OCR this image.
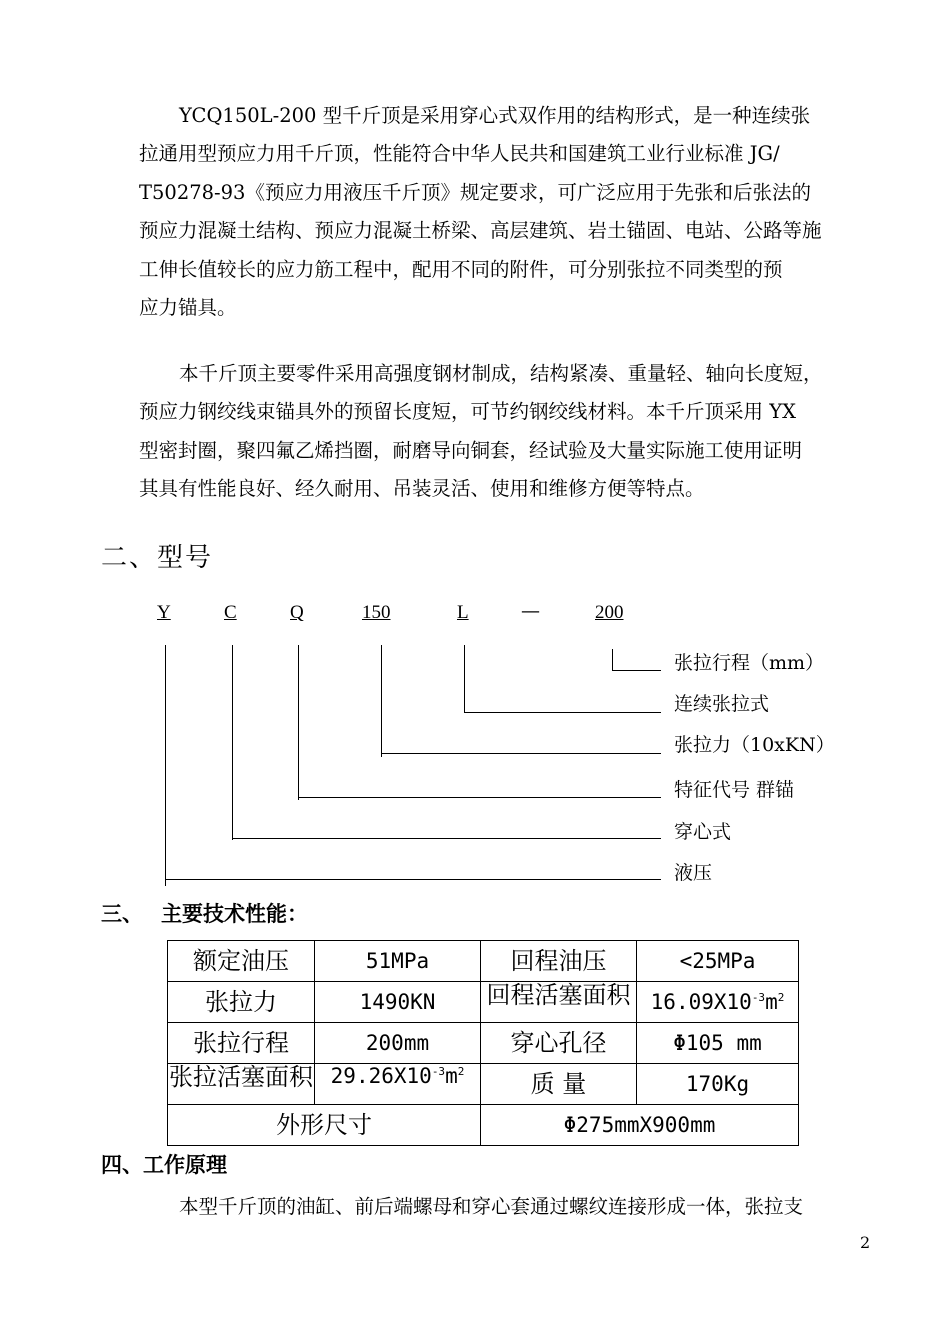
YCQ150L-200 型千斤顶是采用穿心式双作用的结构形式，是一种连续张
拉通用型预应力用千斤顶，性能符合中华人民共和国建筑工业行业标准 JG/
T50278-93《预应力用液压千斤顶》规定要求，可广泛应用于先张和后张法的
预应力混凝土结构、预应力混凝土桥梁、高层建筑、岩土锚固、电站、公路等施
工伸长值较长的应力筋工程中，配用不同的附件，可分别张拉不同类型的预
应力锚具。

本千斤顶主要零件采用高强度钢材制成，结构紧凑、重量轻、轴向长度短，
预应力钢绞线束锚具外的预留长度短，可节约钢绞线材料。本千斤顶采用 YX
型密封圈，聚四氟乙烯挡圈，耐磨导向铜套，经试验及大量实际施工使用证明
其具有性能良好、经久耐用、吊装灵活、使用和维修方便等特点。

二、型号
Y	C	Q	150	L	—	200
张拉行程（mm）
连续张拉式
张拉力（10xKN）
特征代号 群锚
穿心式
液压
三、 主要技术性能：
额定油压	51MPa	回程油压	<25MPa
张拉力	1490KN	回程活塞面积	$16.09X10^{-3}m^2$
张拉行程	200mm	穿心孔径	Φ105 mm
张拉活塞面积	$29.26X10^{-3}m^2$	质 量	170Kg
外形尺寸		Φ275mmX900mm	
四、工作原理

本型千斤顶的油缸、前后端螺母和穿心套通过螺纹连接形成一体，张拉支

2
